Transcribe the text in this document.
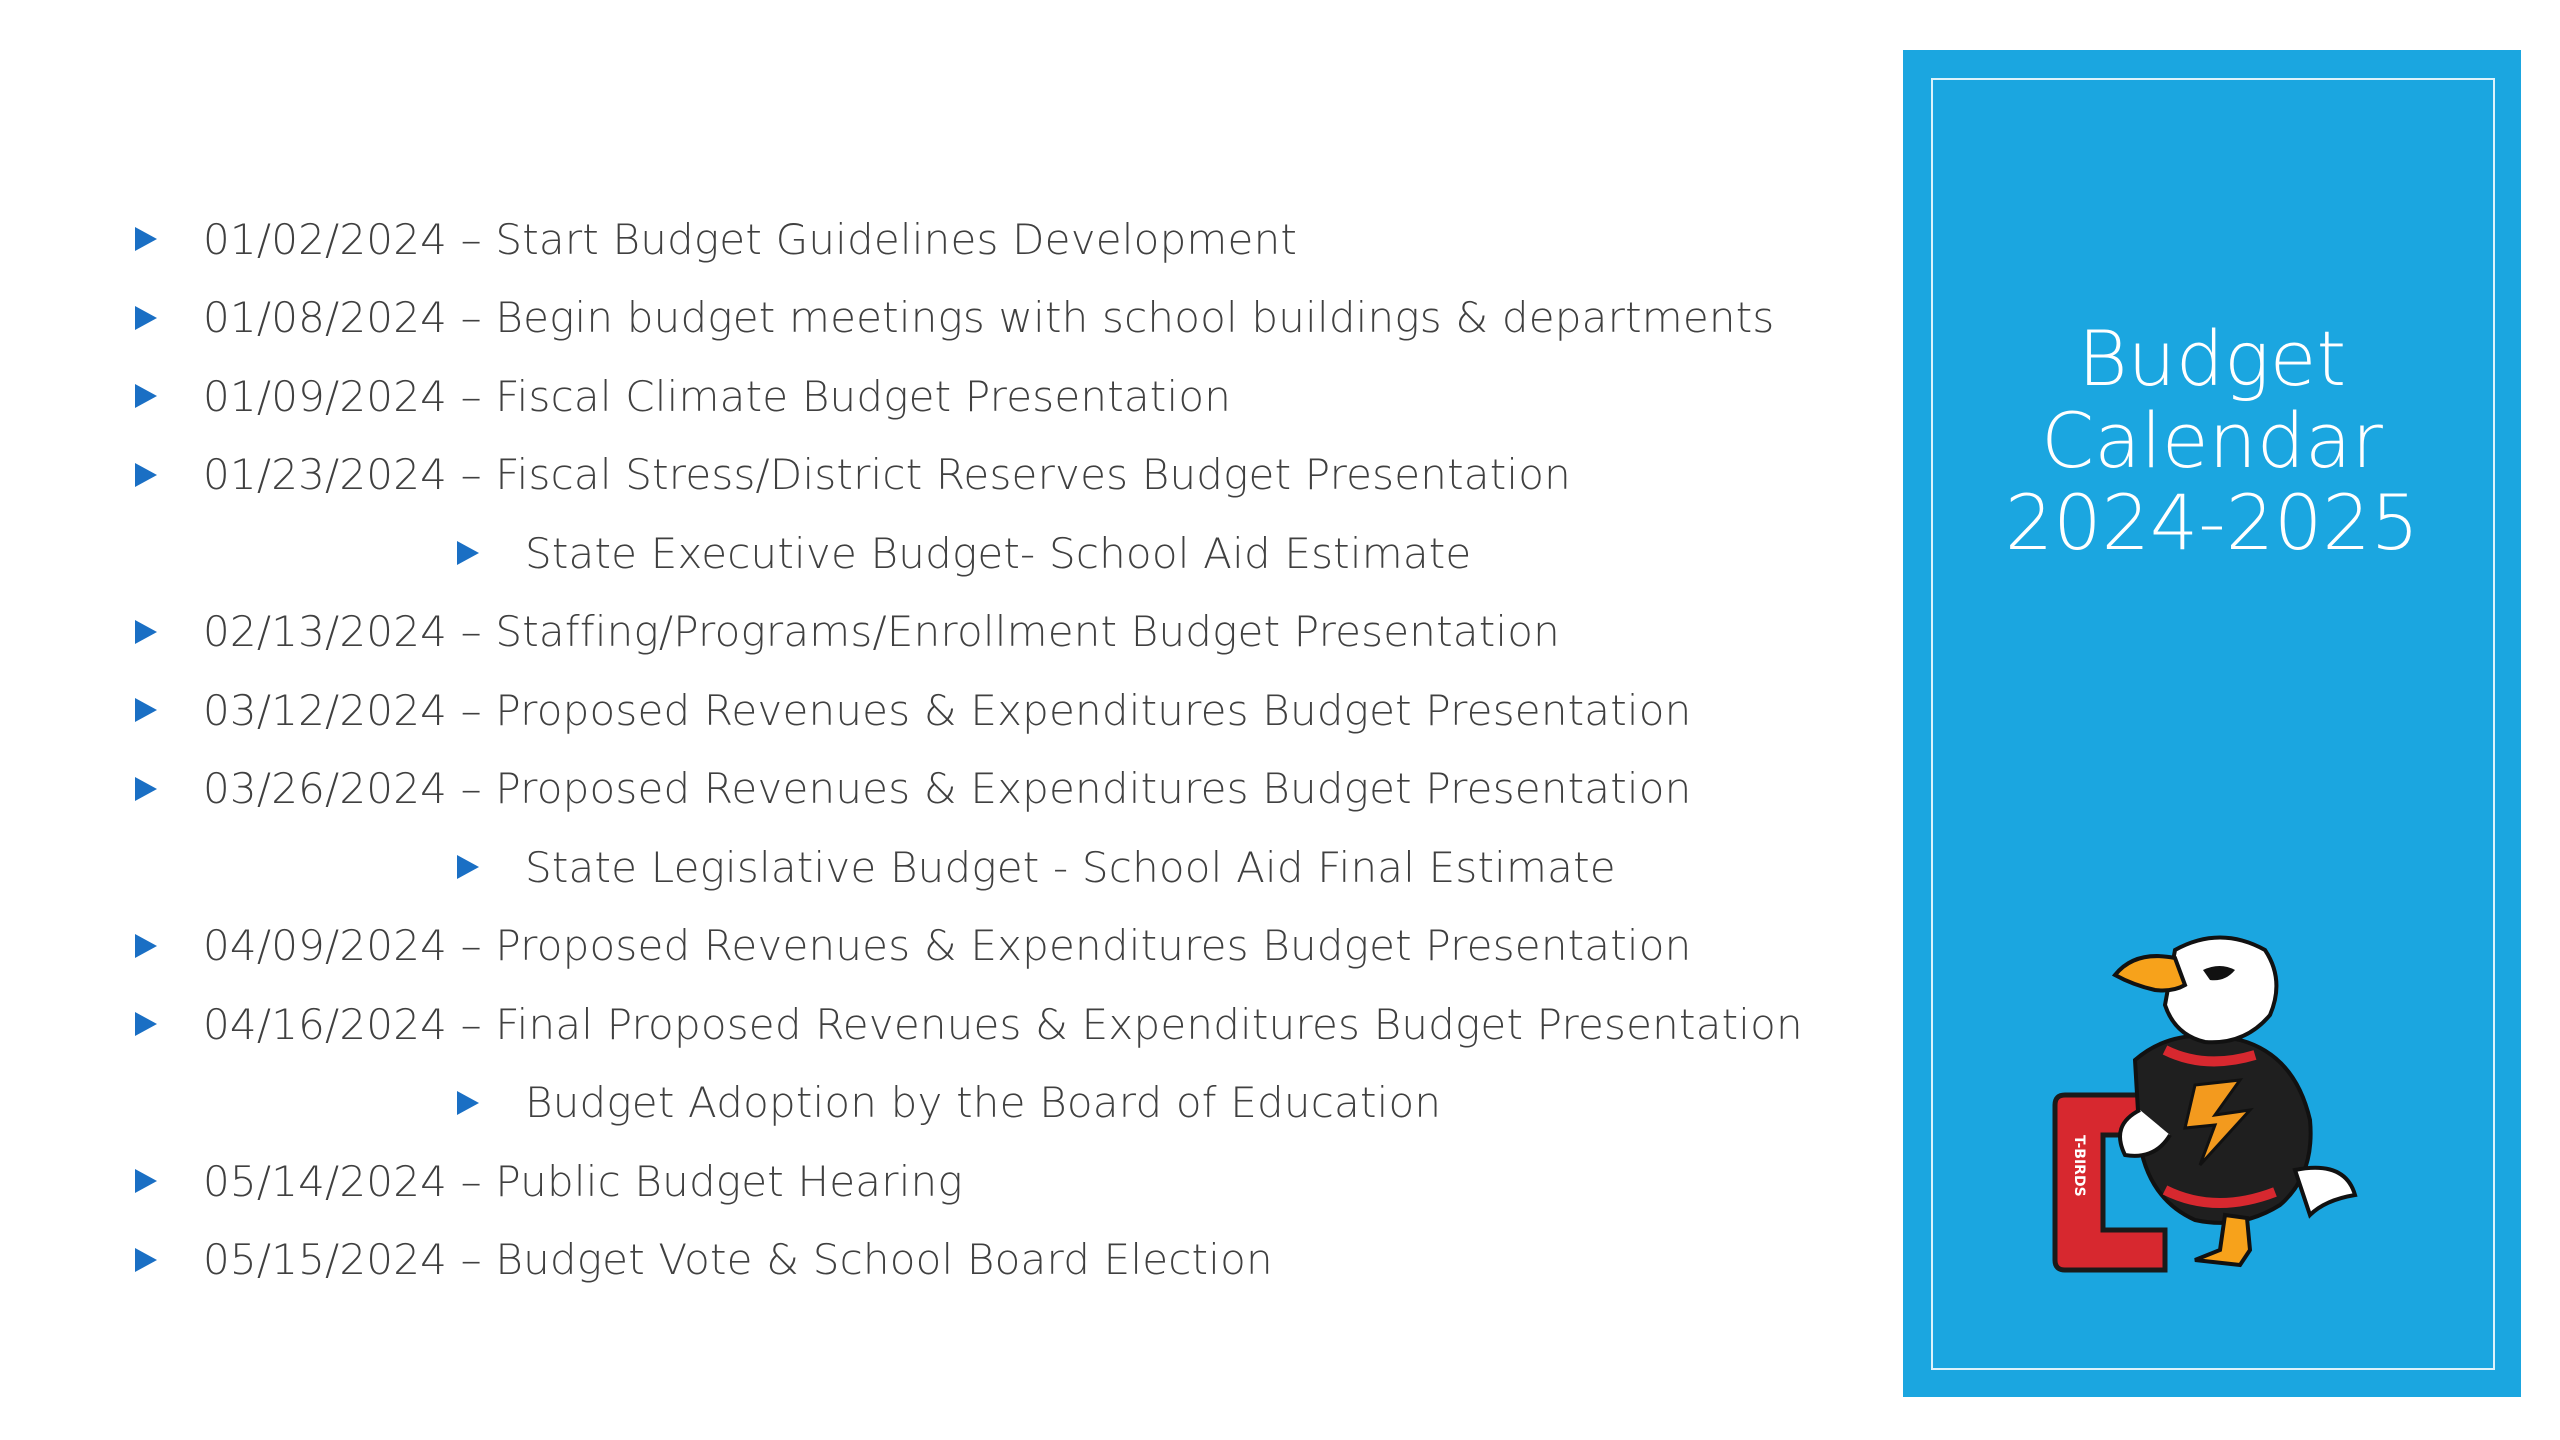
01/02/2024 – Start Budget Guidelines Development
01/08/2024 – Begin budget meetings with school buildings & departments
01/09/2024 – Fiscal Climate Budget Presentation
01/23/2024 – Fiscal Stress/District Reserves Budget Presentation
State Executive Budget- School Aid Estimate
02/13/2024 – Staffing/Programs/Enrollment Budget Presentation
03/12/2024 – Proposed Revenues & Expenditures Budget Presentation
03/26/2024 – Proposed Revenues & Expenditures Budget Presentation
State Legislative Budget - School Aid Final Estimate
04/09/2024 – Proposed Revenues & Expenditures Budget Presentation
04/16/2024 – Final Proposed Revenues & Expenditures Budget Presentation
Budget Adoption by the Board of Education
05/14/2024 – Public Budget Hearing
05/15/2024 – Budget Vote & School Board Election
Budget
Calendar
2024-2025
T-BIRDS
